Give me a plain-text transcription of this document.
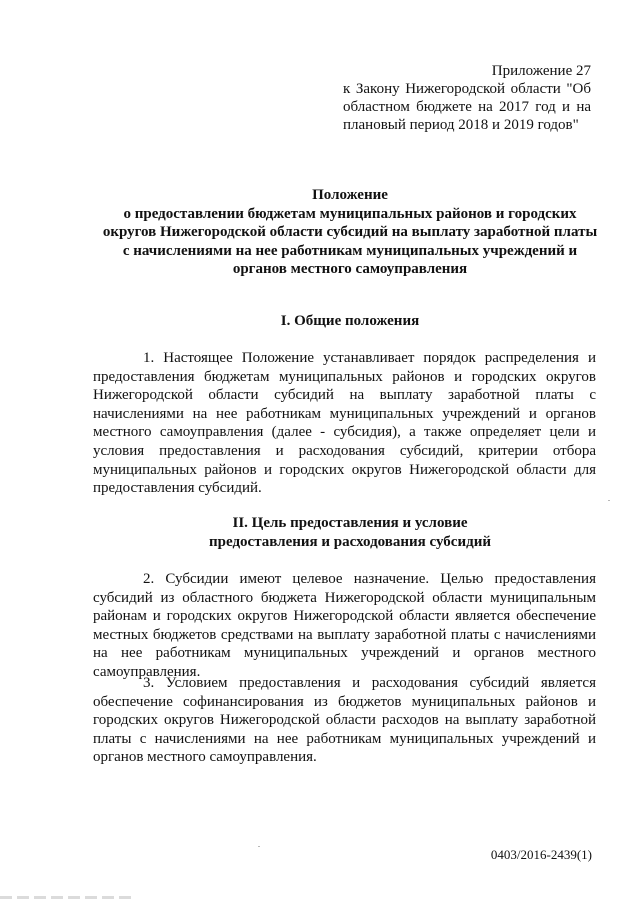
Приложение 27
к Закону Нижегородской области "Об областном бюджете на 2017 год и на плановый период 2018 и 2019 годов"
Положение
о предоставлении бюджетам муниципальных районов и городских округов Нижегородской области субсидий на выплату заработной платы с начислениями на нее работникам муниципальных учреждений и органов местного самоуправления
I. Общие положения

1. Настоящее Положение устанавливает порядок распределения и предоставления бюджетам муниципальных районов и городских округов Нижегородской области субсидий на выплату заработной платы с начислениями на нее работникам муниципальных учреждений и органов местного самоуправления (далее - субсидия), а также определяет цели и условия предоставления и расходования субсидий, критерии отбора муниципальных районов и городских округов Нижегородской области для предоставления субсидий.

II. Цель предоставления и условие
предоставления и расходования субсидий

2. Субсидии имеют целевое назначение. Целью предоставления субсидий из областного бюджета Нижегородской области муниципальным районам и городских округов Нижегородской области является обеспечение местных бюджетов средствами на выплату заработной платы с начислениями на нее работникам муниципальных учреждений и органов местного самоуправления.

3. Условием предоставления и расходования субсидий является обеспечение софинансирования из бюджетов муниципальных районов и городских округов Нижегородской области расходов на выплату заработной платы с начислениями на нее работникам муниципальных учреждений и органов местного самоуправления.

0403/2016-2439(1)
